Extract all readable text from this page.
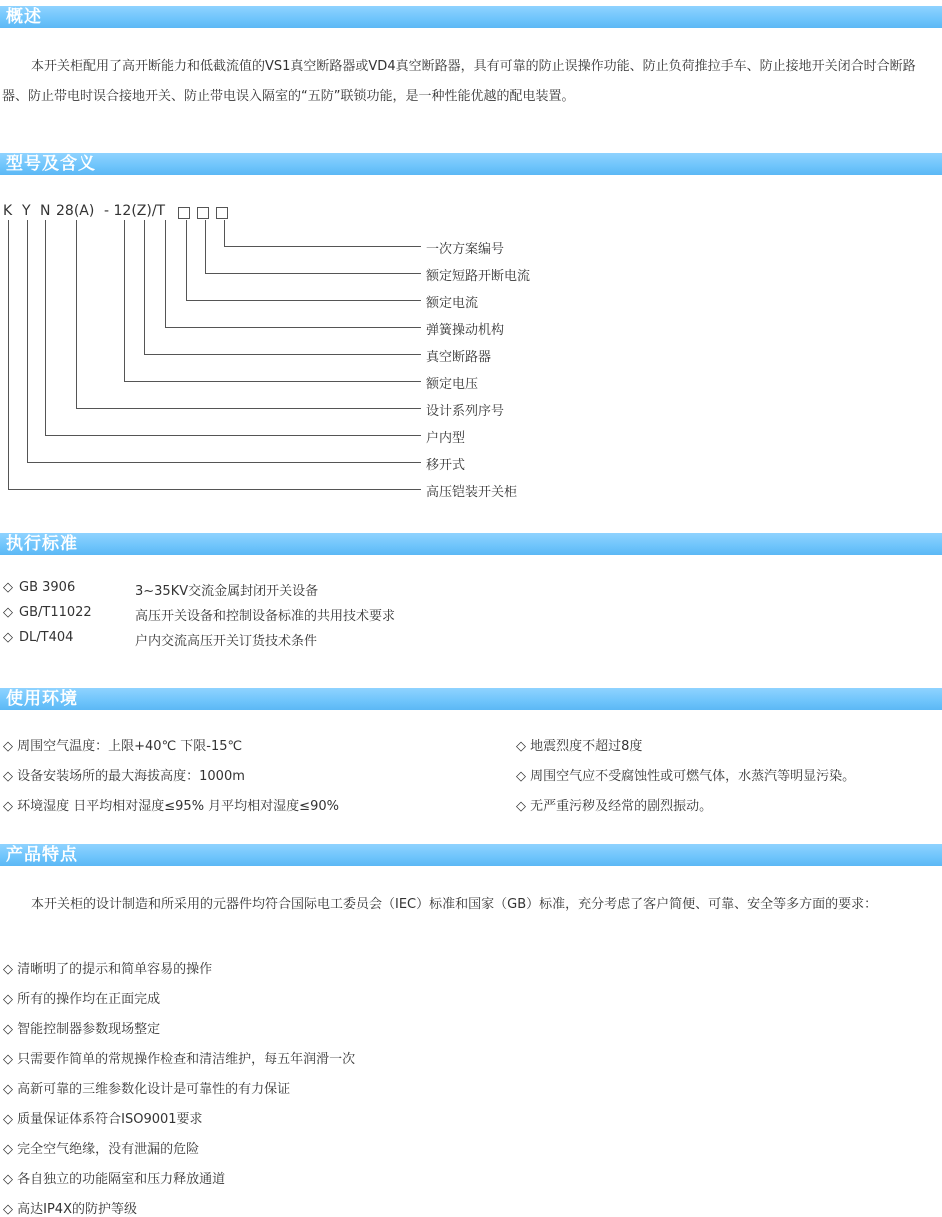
概述
本开关柜配用了高开断能力和低截流值的VS1真空断路器或VD4真空断路器，具有可靠的防止误操作功能、防止负荷推拉手车、防止接地开关闭合时合断路器、防止带电时误合接地开关、防止带电误入隔室的“五防”联锁功能，是一种性能优越的配电装置。
型号及含义
K Y N 28(A) - 12(Z)/T
一次方案编号
额定短路开断电流
额定电流
弹簧操动机构
真空断路器
额定电压
设计系列序号
户内型
移开式
高压铠装开关柜
执行标准
◇ GB 3906	3~35KV交流金属封闭开关设备
◇ GB/T11022	高压开关设备和控制设备标准的共用技术要求
◇ DL/T404	户内交流高压开关订货技术条件
使用环境
◇ 周围空气温度：上限+40℃ 下限-15℃
◇ 设备安装场所的最大海拔高度：1000m
◇ 环境湿度 日平均相对湿度≤95% 月平均相对湿度≤90%
◇ 地震烈度不超过8度
◇ 周围空气应不受腐蚀性或可燃气体，水蒸汽等明显污染。
◇ 无严重污秽及经常的剧烈振动。
产品特点
本开关柜的设计制造和所采用的元器件均符合国际电工委员会（IEC）标准和国家（GB）标准，充分考虑了客户简便、可靠、安全等多方面的要求：
◇ 清晰明了的提示和简单容易的操作
◇ 所有的操作均在正面完成
◇ 智能控制器参数现场整定
◇ 只需要作简单的常规操作检查和清洁维护，每五年润滑一次
◇ 高新可靠的三维参数化设计是可靠性的有力保证
◇ 质量保证体系符合ISO9001要求
◇ 完全空气绝缘，没有泄漏的危险
◇ 各自独立的功能隔室和压力释放通道
◇ 高达IP4X的防护等级
